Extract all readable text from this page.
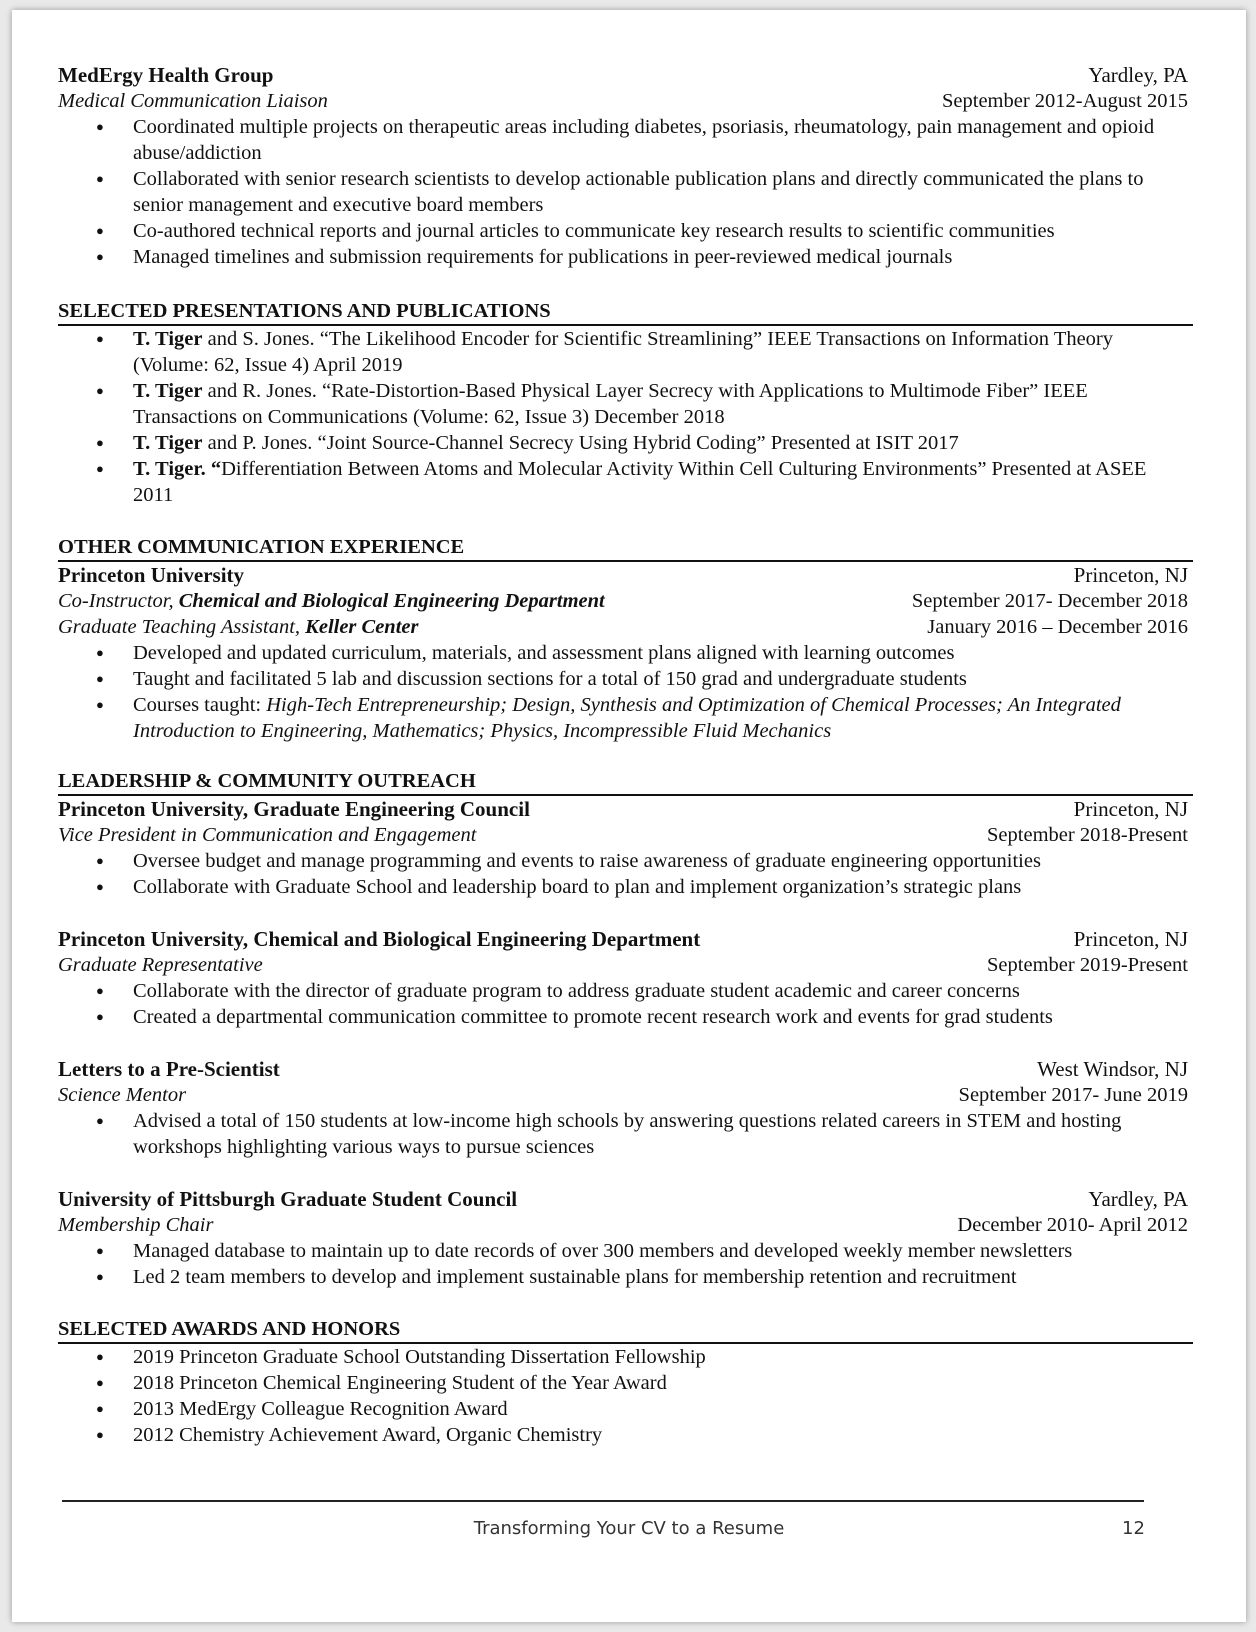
MedErgy Health Group	Yardley, PA
Medical Communication Liaison	September 2012-August 2015
● Coordinated multiple projects on therapeutic areas including diabetes, psoriasis, rheumatology, pain management and opioid abuse/addiction
● Collaborated with senior research scientists to develop actionable publication plans and directly communicated the plans to senior management and executive board members
● Co-authored technical reports and journal articles to communicate key research results to scientific communities
● Managed timelines and submission requirements for publications in peer-reviewed medical journals
SELECTED PRESENTATIONS AND PUBLICATIONS
● T. Tiger and S. Jones. “The Likelihood Encoder for Scientific Streamlining” IEEE Transactions on Information Theory (Volume: 62, Issue 4) April 2019
● T. Tiger and R. Jones. “Rate-Distortion-Based Physical Layer Secrecy with Applications to Multimode Fiber” IEEE Transactions on Communications (Volume: 62, Issue 3) December 2018
● T. Tiger and P. Jones. “Joint Source-Channel Secrecy Using Hybrid Coding” Presented at ISIT 2017
● T. Tiger. “Differentiation Between Atoms and Molecular Activity Within Cell Culturing Environments” Presented at ASEE 2011
OTHER COMMUNICATION EXPERIENCE
Princeton University	Princeton, NJ
Co-Instructor, Chemical and Biological Engineering Department	September 2017- December 2018
Graduate Teaching Assistant, Keller Center	January 2016 – December 2016
● Developed and updated curriculum, materials, and assessment plans aligned with learning outcomes
● Taught and facilitated 5 lab and discussion sections for a total of 150 grad and undergraduate students
● Courses taught: High-Tech Entrepreneurship; Design, Synthesis and Optimization of Chemical Processes; An Integrated Introduction to Engineering, Mathematics; Physics, Incompressible Fluid Mechanics
LEADERSHIP & COMMUNITY OUTREACH
Princeton University, Graduate Engineering Council	Princeton, NJ
Vice President in Communication and Engagement	September 2018-Present
● Oversee budget and manage programming and events to raise awareness of graduate engineering opportunities
● Collaborate with Graduate School and leadership board to plan and implement organization’s strategic plans
Princeton University, Chemical and Biological Engineering Department	Princeton, NJ
Graduate Representative	September 2019-Present
● Collaborate with the director of graduate program to address graduate student academic and career concerns
● Created a departmental communication committee to promote recent research work and events for grad students
Letters to a Pre-Scientist	West Windsor, NJ
Science Mentor	September 2017- June 2019
● Advised a total of 150 students at low-income high schools by answering questions related careers in STEM and hosting workshops highlighting various ways to pursue sciences
University of Pittsburgh Graduate Student Council	Yardley, PA
Membership Chair	December 2010- April 2012
● Managed database to maintain up to date records of over 300 members and developed weekly member newsletters
● Led 2 team members to develop and implement sustainable plans for membership retention and recruitment
SELECTED AWARDS AND HONORS
● 2019 Princeton Graduate School Outstanding Dissertation Fellowship
● 2018 Princeton Chemical Engineering Student of the Year Award
● 2013 MedErgy Colleague Recognition Award
● 2012 Chemistry Achievement Award, Organic Chemistry
Transforming Your CV to a Resume	12
